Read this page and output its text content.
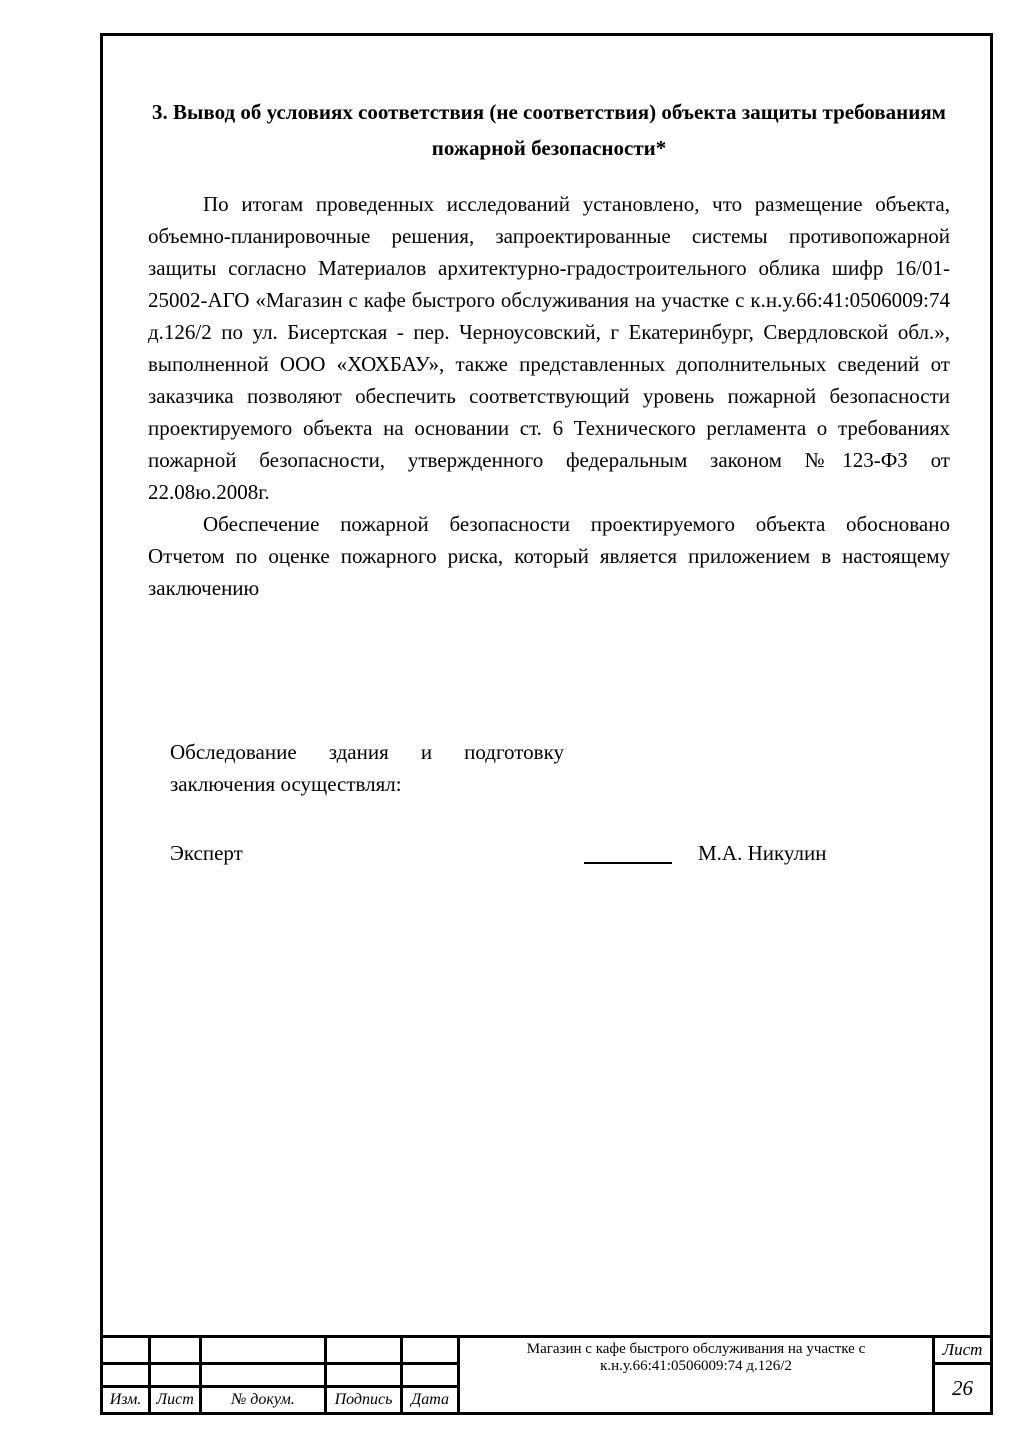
3. Вывод об условиях соответствия (не соответствия) объекта защиты требованиям пожарной безопасности*

По итогам проведенных исследований установлено, что размещение объекта, объемно-планировочные решения, запроектированные системы противопожарной защиты согласно Материалов архитектурно-градостроительного облика шифр 16/01-25002-АГО «Магазин с кафе быстрого обслуживания на участке с к.н.у.66:41:0506009:74 д.126/2 по ул. Бисертская - пер. Черноусовский, г Екатеринбург, Свердловской обл.», выполненной ООО «ХОХБАУ», также представленных дополнительных сведений от заказчика позволяют обеспечить соответствующий уровень пожарной безопасности проектируемого объекта на основании ст. 6 Технического регламента о требованиях пожарной безопасности, утвержденного федеральным законом №123-ФЗ от 22.08ю.2008г.

Обеспечение пожарной безопасности проектируемого объекта обосновано Отчетом по оценке пожарного риска, который является приложением в настоящему заключению

Обследование здания и подготовку заключения осуществлял:
Эксперт	М.А. Никулин
					Магазин с кафе быстрого обслуживания на участке с к.н.у.66:41:0506009:74 д.126/2	Лист
						26
Изм.	Лист	№ докум.	Подпись	Дата		
